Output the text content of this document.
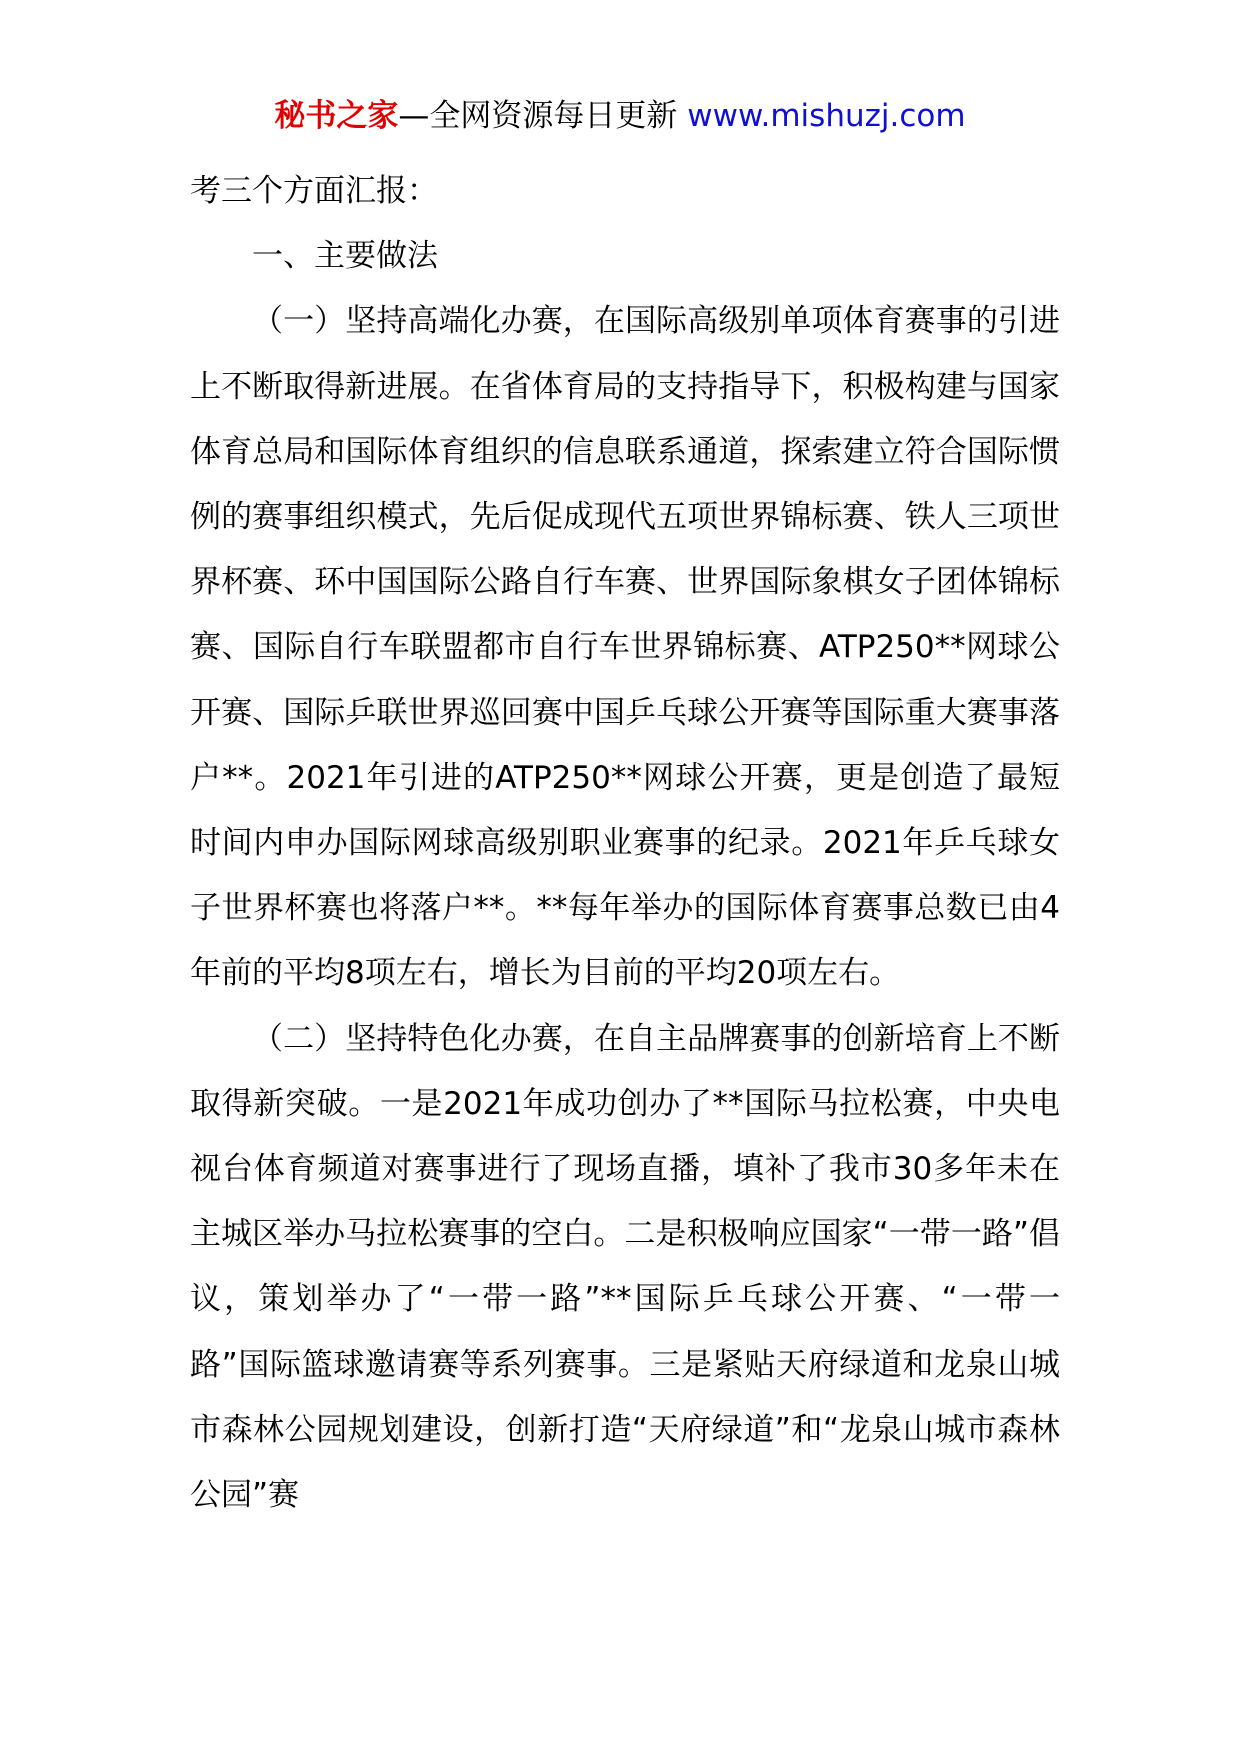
秘书之家—全网资源每日更新 www.mishuzj.com

考三个方面汇报：

一、主要做法

（一）坚持高端化办赛，在国际高级别单项体育赛事的引进上不断取得新进展。在省体育局的支持指导下，积极构建与国家体育总局和国际体育组织的信息联系通道，探索建立符合国际惯例的赛事组织模式，先后促成现代五项世界锦标赛、铁人三项世界杯赛、环中国国际公路自行车赛、世界国际象棋女子团体锦标赛、国际自行车联盟都市自行车世界锦标赛、ATP250**网球公开赛、国际乒联世界巡回赛中国乒乓球公开赛等国际重大赛事落户**。2021年引进的ATP250**网球公开赛，更是创造了最短时间内申办国际网球高级别职业赛事的纪录。2021年乒乓球女子世界杯赛也将落户**。**每年举办的国际体育赛事总数已由4年前的平均8项左右，增长为目前的平均20项左右。

（二）坚持特色化办赛，在自主品牌赛事的创新培育上不断取得新突破。一是2021年成功创办了**国际马拉松赛，中央电视台体育频道对赛事进行了现场直播，填补了我市30多年未在主城区举办马拉松赛事的空白。二是积极响应国家“一带一路”倡议，策划举办了“一带一路”**国际乒乓球公开赛、“一带一路”国际篮球邀请赛等系列赛事。三是紧贴天府绿道和龙泉山城市森林公园规划建设，创新打造“天府绿道”和“龙泉山城市森林公园”赛
